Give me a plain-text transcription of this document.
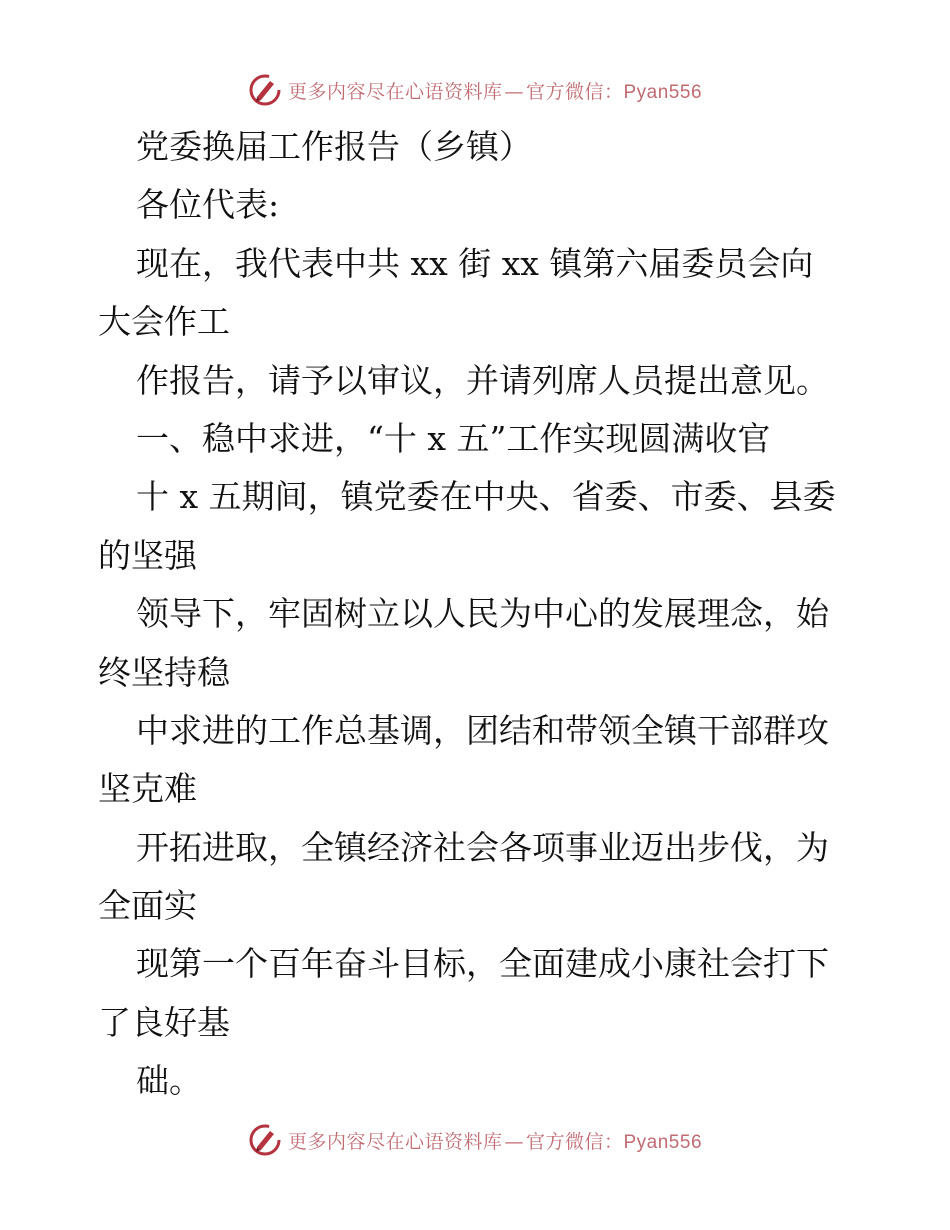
更多内容尽在心语资料库 — 官方微信：Pyan556
党委换届工作报告（乡镇）
各位代表:
现在，我代表中共 xx 街 xx 镇第六届委员会向
大会作工
作报告，请予以审议，并请列席人员提出意见。
一、稳中求进，“十 x 五”工作实现圆满收官
十 x 五期间，镇党委在中央、省委、市委、县委
的坚强
领导下，牢固树立以人民为中心的发展理念，始
终坚持稳
中求进的工作总基调，团结和带领全镇干部群攻
坚克难
开拓进取，全镇经济社会各项事业迈出步伐，为
全面实
现第一个百年奋斗目标，全面建成小康社会打下
了良好基
础。
更多内容尽在心语资料库 — 官方微信：Pyan556
